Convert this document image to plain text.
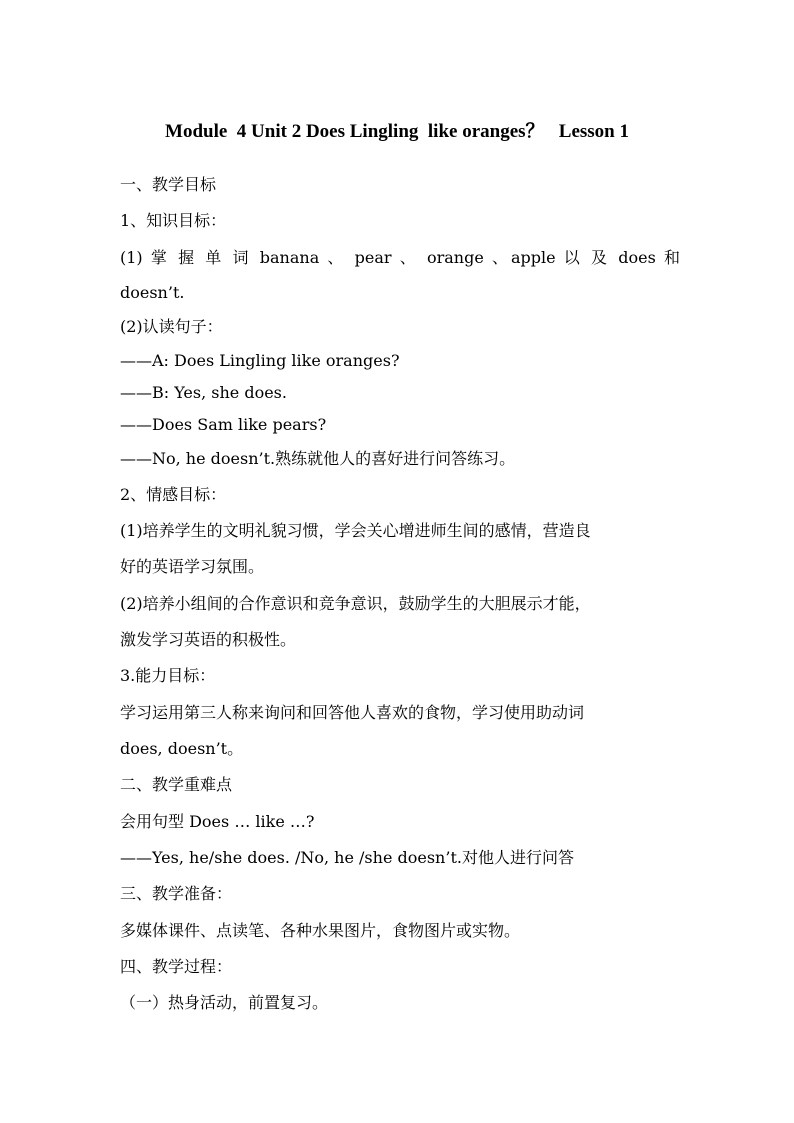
Module  4 Unit 2 Does Lingling  like oranges？   Lesson 1
一、教学目标
1、知识目标：
(1) 掌 握 单 词 banana 、 pear 、 orange 、apple 以 及 does 和
doesn’t.
(2)认读句子：
——A: Does Lingling like oranges?
——B: Yes, she does.
——Does Sam like pears?
——No, he doesn’t.熟练就他人的喜好进行问答练习。
2、情感目标：
(1)培养学生的文明礼貌习惯，学会关心增进师生间的感情，营造良
好的英语学习氛围。
(2)培养小组间的合作意识和竞争意识，鼓励学生的大胆展示才能，
激发学习英语的积极性。
3.能力目标：
学习运用第三人称来询问和回答他人喜欢的食物，学习使用助动词
does, doesn’t。
二、教学重难点
会用句型 Does … like …?
——Yes, he/she does. /No, he /she doesn’t.对他人进行问答
三、教学准备：
多媒体课件、点读笔、各种水果图片，食物图片或实物。
四、教学过程：
（一）热身活动，前置复习。
